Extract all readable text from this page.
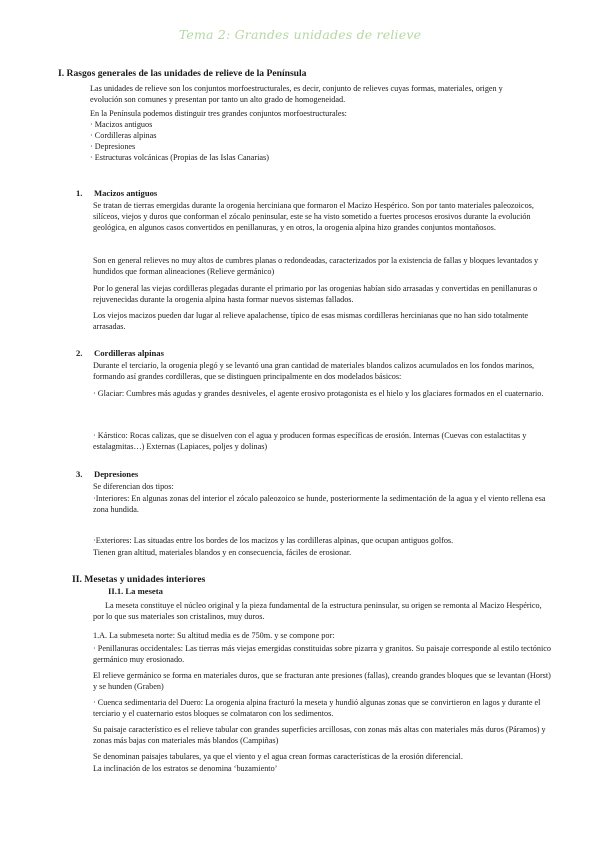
Tema 2: Grandes unidades de relieve
I. Rasgos generales de las unidades de relieve de la Península

Las unidades de relieve son los conjuntos morfoestructurales, es decir, conjunto de relieves cuyas formas, materiales, origen y evolución son comunes y presentan por tanto un alto grado de homogeneidad.

En la Península podemos distinguir tres grandes conjuntos morfoestructurales:

· Macizos antiguos
· Cordilleras alpinas
· Depresiones
· Estructuras volcánicas (Propias de las Islas Canarias)
1. Macizos antiguos

Se tratan de tierras emergidas durante la orogenia herciniana que formaron el Macizo Hespérico. Son por tanto materiales paleozoicos, silíceos, viejos y duros que conforman el zócalo peninsular, este se ha visto sometido a fuertes procesos erosivos durante la evolución geológica, en algunos casos convertidos en penillanuras, y en otros, la orogenia alpina hizo grandes conjuntos montañosos.

Son en general relieves no muy altos de cumbres planas o redondeadas, caracterizados por la existencia de fallas y bloques levantados y hundidos que forman alineaciones (Relieve germánico)

Por lo general las viejas cordilleras plegadas durante el primario por las orogenias habían sido arrasadas y convertidas en penillanuras o rejuvenecidas durante la orogenia alpina hasta formar nuevos sistemas fallados.

Los viejos macizos pueden dar lugar al relieve apalachense, típico de esas mismas cordilleras hercinianas que no han sido totalmente arrasadas.

2. Cordilleras alpinas

Durante el terciario, la orogenia plegó y se levantó una gran cantidad de materiales blandos calizos acumulados en los fondos marinos, formando así grandes cordilleras, que se distinguen principalmente en dos modelados básicos:

· Glaciar: Cumbres más agudas y grandes desniveles, el agente erosivo protagonista es el hielo y los glaciares formados en el cuaternario.

· Kárstico: Rocas calizas, que se disuelven con el agua y producen formas específicas de erosión. Internas (Cuevas con estalactitas y estalagmitas…) Externas (Lapiaces, poljes y dolinas)

3. Depresiones

Se diferencian dos tipos:

·Interiores: En algunas zonas del interior el zócalo paleozoico se hunde, posteriormente la sedimentación de la agua y el viento rellena esa zona hundida.

·Exteriores: Las situadas entre los bordes de los macizos y las cordilleras alpinas, que ocupan antiguos golfos.

Tienen gran altitud, materiales blandos y en consecuencia, fáciles de erosionar.

II. Mesetas y unidades interiores
II.1. La meseta

La meseta constituye el núcleo original y la pieza fundamental de la estructura peninsular, su origen se remonta al Macizo Hespérico, por lo que sus materiales son cristalinos, muy duros.

1.A. La submeseta norte: Su altitud media es de 750m. y se compone por:

· Penillanuras occidentales: Las tierras más viejas emergidas constituidas sobre pizarra y granitos. Su paisaje corresponde al estilo tectónico germánico muy erosionado.

El relieve germánico se forma en materiales duros, que se fracturan ante presiones (fallas), creando grandes bloques que se levantan (Horst) y se hunden (Graben)

· Cuenca sedimentaria del Duero: La orogenia alpina fracturó la meseta y hundió algunas zonas que se convirtieron en lagos y durante el terciario y el cuaternario estos bloques se colmataron con los sedimentos.

Su paisaje característico es el relieve tabular con grandes superficies arcillosas, con zonas más altas con materiales más duros (Páramos) y zonas más bajas con materiales más blandos (Campiñas)

Se denominan paisajes tabulares, ya que el viento y el agua crean formas características de la erosión diferencial.

La inclinación de los estratos se denomina ‘buzamiento’
